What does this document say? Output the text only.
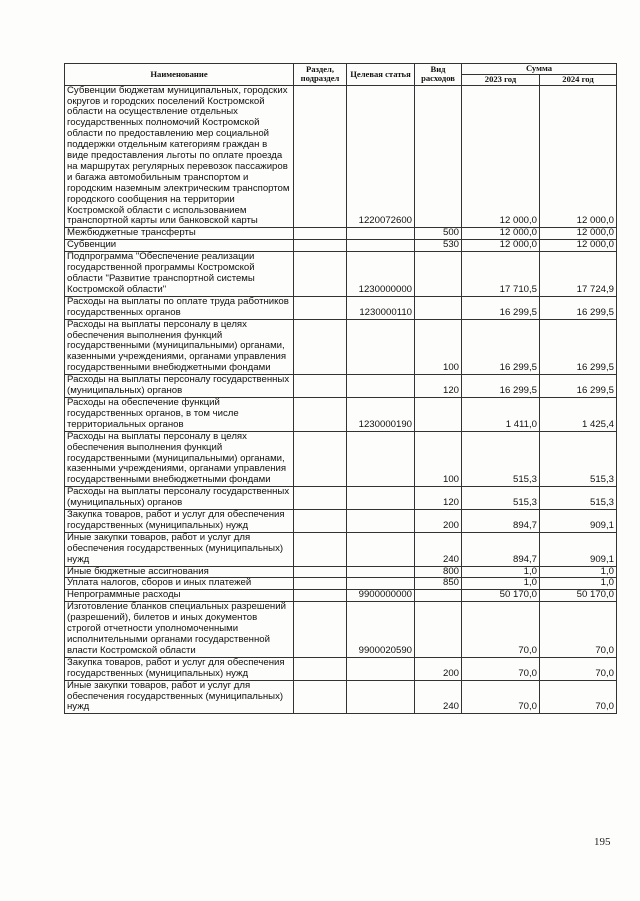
Наименование	Раздел, подраздел	Целевая статья	Вид расходов	Сумма	
				2023 год	2024 год
Субвенции бюджетам муниципальных, городских округов и городских поселений Костромской области на осуществление отдельных государственных полномочий Костромской области по предоставлению мер социальной поддержки отдельным категориям граждан в виде предоставления льготы по оплате проезда на маршрутах регулярных перевозок пассажиров и багажа автомобильным транспортом и городским наземным электрическим транспортом городского сообщения на территории Костромской области с использованием транспортной карты или банковской карты		1220072600		12 000,0	12 000,0
Межбюджетные трансферты			500	12 000,0	12 000,0
Субвенции			530	12 000,0	12 000,0
Подпрограмма "Обеспечение реализации государственной программы Костромской области "Развитие транспортной системы Костромской области"		1230000000		17 710,5	17 724,9
Расходы на выплаты по оплате труда работников государственных органов		1230000110		16 299,5	16 299,5
Расходы на выплаты персоналу в целях обеспечения выполнения функций государственными (муниципальными) органами, казенными учреждениями, органами управления государственными внебюджетными фондами			100	16 299,5	16 299,5
Расходы на выплаты персоналу государственных (муниципальных) органов			120	16 299,5	16 299,5
Расходы на обеспечение функций государственных органов, в том числе территориальных органов		1230000190		1 411,0	1 425,4
Расходы на выплаты персоналу в целях обеспечения выполнения функций государственными (муниципальными) органами, казенными учреждениями, органами управления государственными внебюджетными фондами			100	515,3	515,3
Расходы на выплаты персоналу государственных (муниципальных) органов			120	515,3	515,3
Закупка товаров, работ и услуг для обеспечения государственных (муниципальных) нужд			200	894,7	909,1
Иные закупки товаров, работ и услуг для обеспечения государственных (муниципальных) нужд			240	894,7	909,1
Иные бюджетные ассигнования			800	1,0	1,0
Уплата налогов, сборов и иных платежей			850	1,0	1,0
Непрограммные расходы		9900000000		50 170,0	50 170,0
Изготовление бланков специальных разрешений (разрешений), билетов и иных документов строгой отчетности уполномоченными исполнительными органами государственной власти Костромской области		9900020590		70,0	70,0
Закупка товаров, работ и услуг для обеспечения государственных (муниципальных) нужд			200	70,0	70,0
Иные закупки товаров, работ и услуг для обеспечения государственных (муниципальных) нужд			240	70,0	70,0
195
